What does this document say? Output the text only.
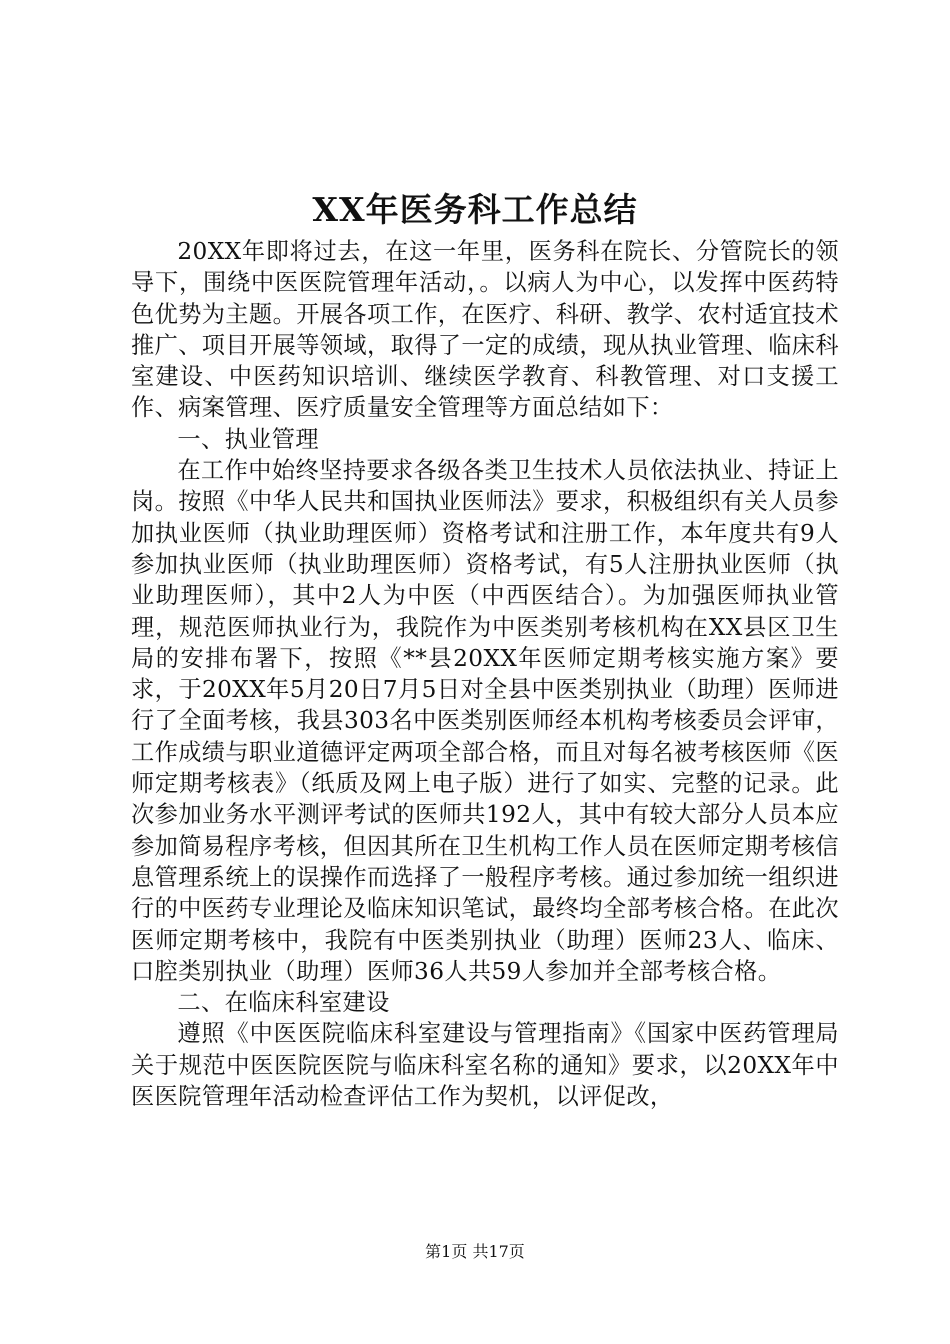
XX年医务科工作总结

20XX年即将过去，在这一年里，医务科在院长、分管院长的领导下，围绕中医医院管理年活动，。以病人为中心，以发挥中医药特色优势为主题。开展各项工作，在医疗、科研、教学、农村适宜技术推广、项目开展等领域，取得了一定的成绩，现从执业管理、临床科室建设、中医药知识培训、继续医学教育、科教管理、对口支援工作、病案管理、医疗质量安全管理等方面总结如下：

一、执业管理

在工作中始终坚持要求各级各类卫生技术人员依法执业、持证上岗。按照《中华人民共和国执业医师法》要求，积极组织有关人员参加执业医师（执业助理医师）资格考试和注册工作，本年度共有9人参加执业医师（执业助理医师）资格考试，有5人注册执业医师（执业助理医师），其中2人为中医（中西医结合）。为加强医师执业管理，规范医师执业行为，我院作为中医类别考核机构在XX县区卫生局的安排布署下，按照《**县20XX年医师定期考核实施方案》要求，于20XX年5月20日7月5日对全县中医类别执业（助理）医师进行了全面考核，我县303名中医类别医师经本机构考核委员会评审，工作成绩与职业道德评定两项全部合格，而且对每名被考核医师《医师定期考核表》（纸质及网上电子版）进行了如实、完整的记录。此次参加业务水平测评考试的医师共192人，其中有较大部分人员本应参加简易程序考核，但因其所在卫生机构工作人员在医师定期考核信息管理系统上的误操作而选择了一般程序考核。通过参加统一组织进行的中医药专业理论及临床知识笔试，最终均全部考核合格。在此次医师定期考核中，我院有中医类别执业（助理）医师23人、临床、口腔类别执业（助理）医师36人共59人参加并全部考核合格。

二、在临床科室建设

遵照《中医医院临床科室建设与管理指南》《国家中医药管理局关于规范中医医院医院与临床科室名称的通知》要求，以20XX年中医医院管理年活动检查评估工作为契机，以评促改，

第1页 共17页
